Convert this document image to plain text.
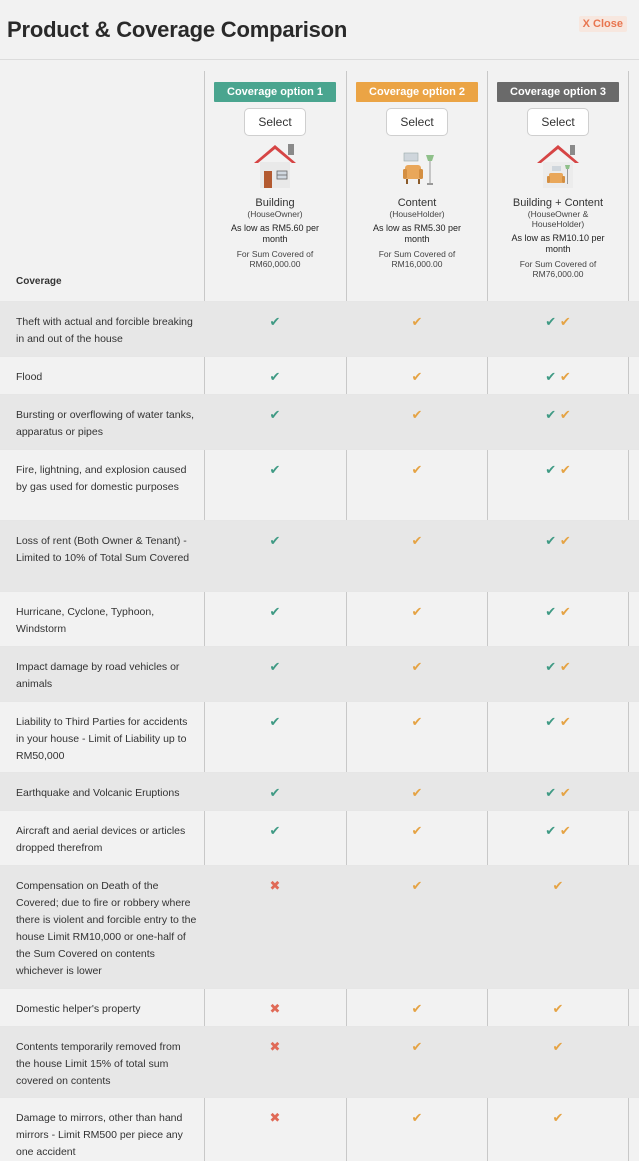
Product & Coverage Comparison	X Close
Coverage
Coverage option 1
Select
Building
(HouseOwner)
As low as RM5.60 per month
For Sum Covered of
RM60,000.00
Coverage option 2
Select
Content
(HouseHolder)
As low as RM5.30 per month
For Sum Covered of
RM16,000.00
Coverage option 3
Select
Building + Content
(HouseOwner & HouseHolder)
As low as RM10.10 per month
For Sum Covered of
RM76,000.00
Theft with actual and forcible breaking in and out of the house
✔	✔	✔ ✔
Flood	✔	✔	✔ ✔
Bursting or overflowing of water tanks, apparatus or pipes
✔	✔	✔ ✔
Fire, lightning, and explosion caused by gas used for domestic purposes
✔	✔	✔ ✔
Loss of rent (Both Owner & Tenant) - Limited to 10% of Total Sum Covered
✔	✔	✔ ✔
Hurricane, Cyclone, Typhoon, Windstorm
✔	✔	✔ ✔
Impact damage by road vehicles or animals
✔	✔	✔ ✔
Liability to Third Parties for accidents in your house - Limit of Liability up to RM50,000
✔	✔	✔ ✔
Earthquake and Volcanic Eruptions	✔	✔	✔ ✔
Aircraft and aerial devices or articles dropped therefrom
✔	✔	✔ ✔
Compensation on Death of the Covered; due to fire or robbery where there is violent and forcible entry to the house Limit RM10,000 or one-half of the Sum Covered on contents whichever is lower
✖	✔	✔
Domestic helper's property	✖	✔	✔
Contents temporarily removed from the house Limit 15% of total sum covered on contents
✖	✔	✔
Damage to mirrors, other than hand mirrors - Limit RM500 per piece any one accident
✖	✔	✔
